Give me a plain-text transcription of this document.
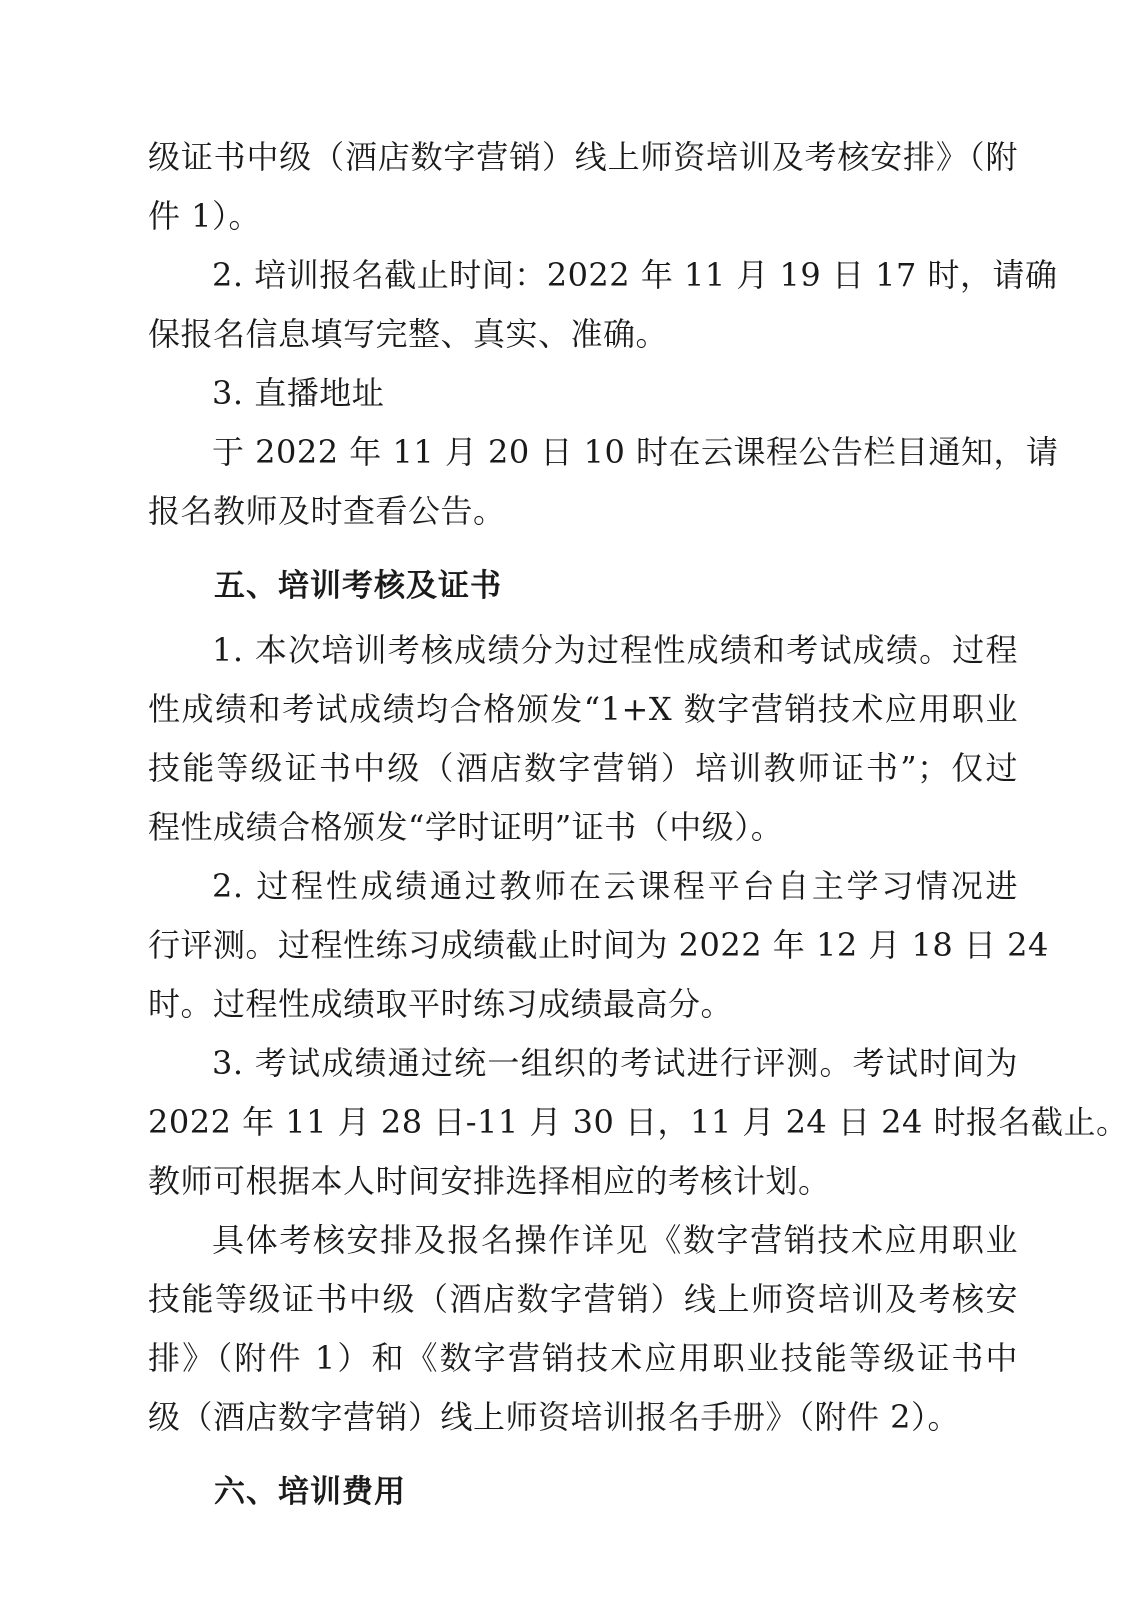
级证书中级（酒店数字营销）线上师资培训及考核安排》（附
件 1）。
2. 培训报名截止时间：2022 年 11 月 19 日 17 时，请确
保报名信息填写完整、真实、准确。
3. 直播地址
于 2022 年 11 月 20 日 10 时在云课程公告栏目通知，请
报名教师及时查看公告。
五、培训考核及证书
1. 本次培训考核成绩分为过程性成绩和考试成绩。过程
性成绩和考试成绩均合格颁发“1+X 数字营销技术应用职业
技能等级证书中级（酒店数字营销）培训教师证书”；仅过
程性成绩合格颁发“学时证明”证书（中级）。
2. 过程性成绩通过教师在云课程平台自主学习情况进
行评测。过程性练习成绩截止时间为 2022 年 12 月 18 日 24
时。过程性成绩取平时练习成绩最高分。
3. 考试成绩通过统一组织的考试进行评测。考试时间为
2022 年 11 月 28 日-11 月 30 日，11 月 24 日 24 时报名截止。
教师可根据本人时间安排选择相应的考核计划。
具体考核安排及报名操作详见《数字营销技术应用职业
技能等级证书中级（酒店数字营销）线上师资培训及考核安
排》（附件 1）和《数字营销技术应用职业技能等级证书中
级（酒店数字营销）线上师资培训报名手册》（附件 2）。
六、培训费用
